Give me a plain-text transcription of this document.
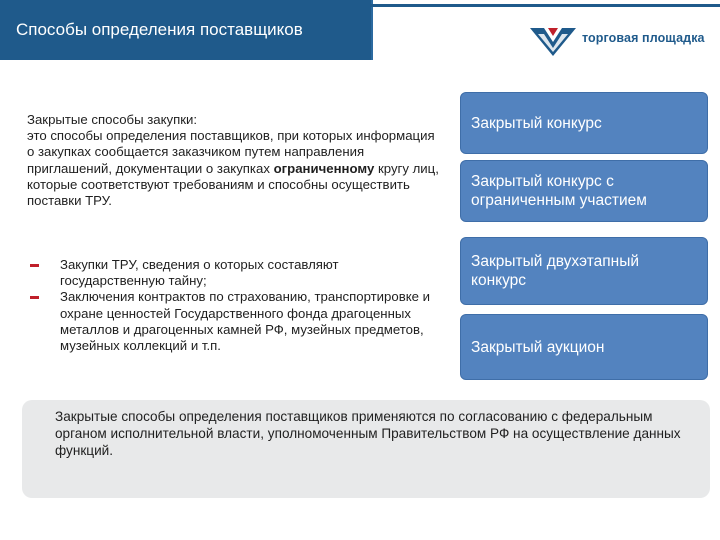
Способы определения поставщиков	торговая площадка

Закрытые способы закупки:

это способы определения поставщиков, при которых информация о закупках сообщается заказчиком путем направления приглашений, документации о закупках ограниченному кругу лиц, которые соответствуют требованиям и способны осуществить поставки ТРУ.

Закупки ТРУ, сведения о которых составляют государственную тайну;
Заключения контрактов по страхованию, транспортировке и охране ценностей Государственного фонда драгоценных металлов и драгоценных камней РФ, музейных предметов, музейных коллекций и т.п.
Закрытый конкурс
Закрытый конкурс с ограниченным участием
Закрытый двухэтапный конкурс
Закрытый аукцион
Закрытые способы определения поставщиков применяются по согласованию с федеральным органом исполнительной власти, уполномоченным Правительством РФ на осуществление данных функций.
